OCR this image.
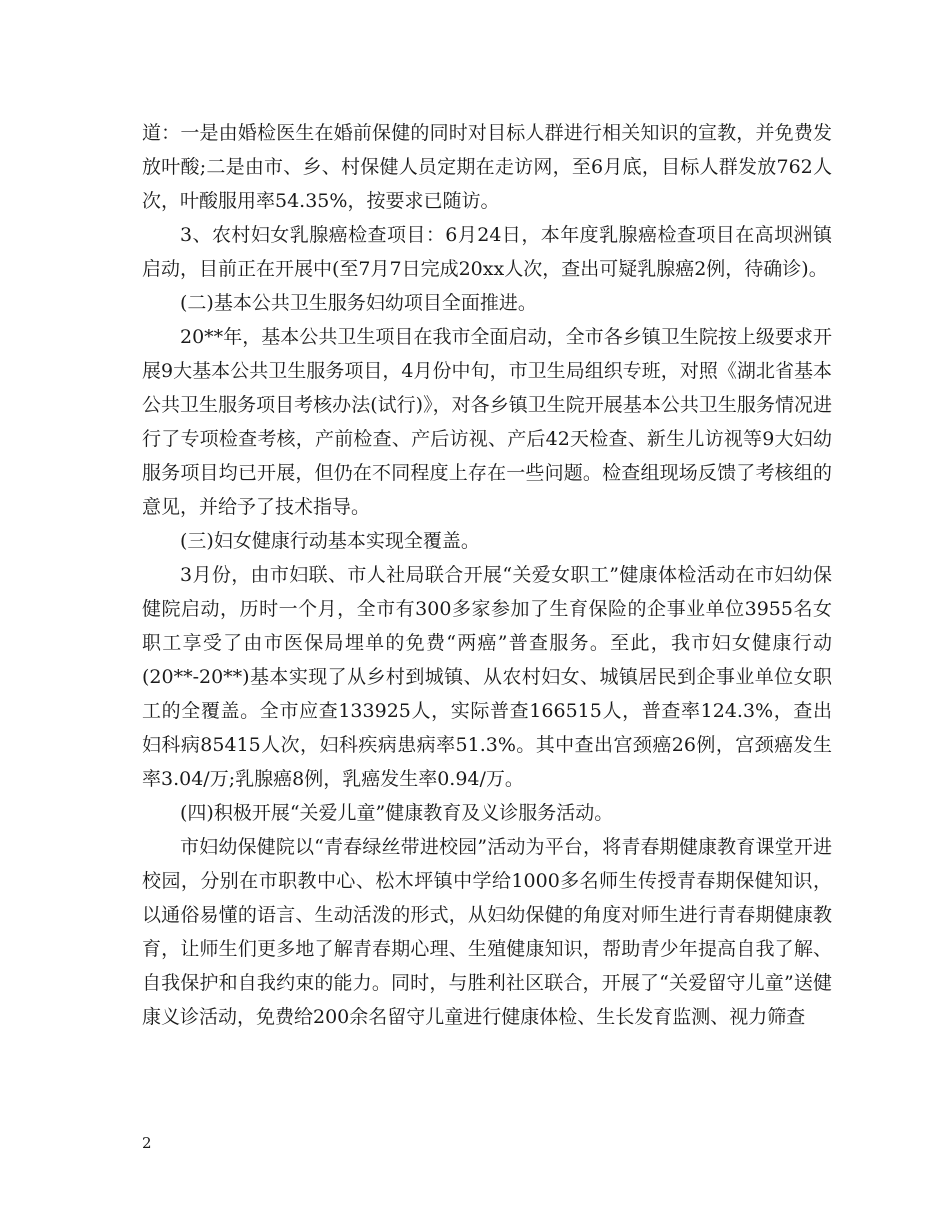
道：一是由婚检医生在婚前保健的同时对目标人群进行相关知识的宣教，并免费发放叶酸;二是由市、乡、村保健人员定期在走访网，至6月底，目标人群发放762人次，叶酸服用率54.35%，按要求已随访。

3、农村妇女乳腺癌检查项目：6月24日，本年度乳腺癌检查项目在高坝洲镇启动，目前正在开展中(至7月7日完成20xx人次，查出可疑乳腺癌2例，待确诊)。

(二)基本公共卫生服务妇幼项目全面推进。

20**年，基本公共卫生项目在我市全面启动，全市各乡镇卫生院按上级要求开展9大基本公共卫生服务项目，4月份中旬，市卫生局组织专班，对照《湖北省基本公共卫生服务项目考核办法(试行)》，对各乡镇卫生院开展基本公共卫生服务情况进行了专项检查考核，产前检查、产后访视、产后42天检查、新生儿访视等9大妇幼服务项目均已开展，但仍在不同程度上存在一些问题。检查组现场反馈了考核组的意见，并给予了技术指导。

(三)妇女健康行动基本实现全覆盖。

3月份，由市妇联、市人社局联合开展“关爱女职工”健康体检活动在市妇幼保健院启动，历时一个月，全市有300多家参加了生育保险的企事业单位3955名女职工享受了由市医保局埋单的免费“两癌”普查服务。至此，我市妇女健康行动(20**-20**)基本实现了从乡村到城镇、从农村妇女、城镇居民到企事业单位女职工的全覆盖。全市应查133925人，实际普查166515人，普查率124.3%，查出妇科病85415人次，妇科疾病患病率51.3%。其中查出宫颈癌26例，宫颈癌发生率3.04/万;乳腺癌8例，乳癌发生率0.94/万。

(四)积极开展“关爱儿童”健康教育及义诊服务活动。

市妇幼保健院以“青春绿丝带进校园”活动为平台，将青春期健康教育课堂开进校园，分别在市职教中心、松木坪镇中学给1000多名师生传授青春期保健知识，以通俗易懂的语言、生动活泼的形式，从妇幼保健的角度对师生进行青春期健康教育，让师生们更多地了解青春期心理、生殖健康知识，帮助青少年提高自我了解、自我保护和自我约束的能力。同时，与胜利社区联合，开展了“关爱留守儿童”送健康义诊活动，免费给200余名留守儿童进行健康体检、生长发育监测、视力筛查

2
